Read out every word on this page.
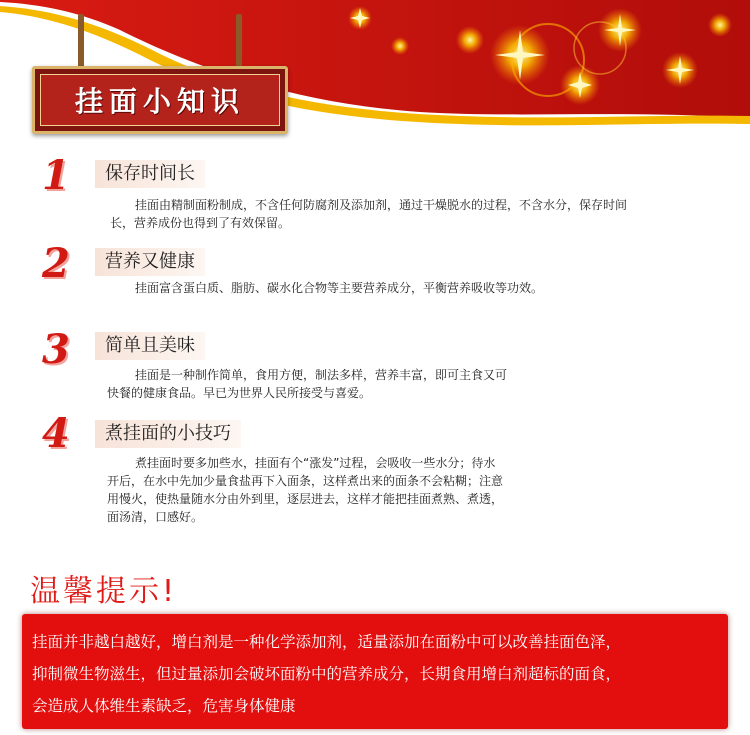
挂面小知识
1	保存时间长
挂面由精制面粉制成，不含任何防腐剂及添加剂，通过干燥脱水的过程，不含水分，保存时间
长，营养成份也得到了有效保留。
2	营养又健康
挂面富含蛋白质、脂肪、碳水化合物等主要营养成分，平衡营养吸收等功效。
3	简单且美味
挂面是一种制作简单，食用方便，制法多样，营养丰富，即可主食又可
快餐的健康食品。早已为世界人民所接受与喜爱。
4	煮挂面的小技巧
煮挂面时要多加些水，挂面有个“涨发”过程，会吸收一些水分；待水
开后，在水中先加少量食盐再下入面条，这样煮出来的面条不会粘糊；注意
用慢火，使热量随水分由外到里，逐层进去，这样才能把挂面煮熟、煮透，
面汤清，口感好。
温馨提示!
挂面并非越白越好，增白剂是一种化学添加剂，适量添加在面粉中可以改善挂面色泽，
抑制微生物滋生，但过量添加会破坏面粉中的营养成分，长期食用增白剂超标的面食，
会造成人体维生素缺乏，危害身体健康
